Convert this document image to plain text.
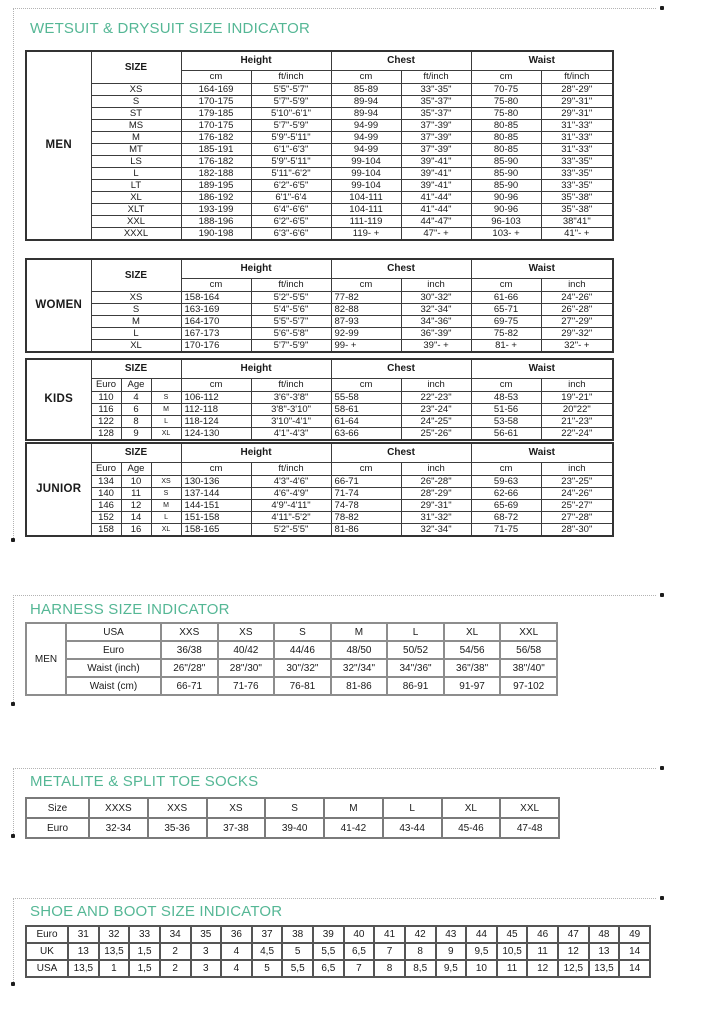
WETSUIT & DRYSUIT SIZE INDICATOR
MEN	SIZE	Height		Chest		Waist	
		cm	ft/inch	cm	ft/inch	cm	ft/inch
	XS	164-169	5'5"-5'7"	85-89	33"-35"	70-75	28"-29"
	S	170-175	5'7"-5'9"	89-94	35"-37"	75-80	29"-31"
	ST	179-185	5'10"-6'1"	89-94	35"-37"	75-80	29"-31"
	MS	170-175	5'7"-5'9"	94-99	37"-39"	80-85	31"-33"
	M	176-182	5'9"-5'11"	94-99	37"-39"	80-85	31"-33"
	MT	185-191	6'1"-6'3"	94-99	37"-39"	80-85	31"-33"
	LS	176-182	5'9"-5'11"	99-104	39"-41"	85-90	33"-35"
	L	182-188	5'11"-6'2"	99-104	39"-41"	85-90	33"-35"
	LT	189-195	6'2"-6'5"	99-104	39"-41"	85-90	33"-35"
	XL	186-192	6'1"-6'4	104-111	41"-44"	90-96	35"-38"
	XLT	193-199	6'4"-6'6"	104-111	41"-44"	90-96	35"-38"
	XXL	188-196	6'2"-6'5"	111-119	44"-47"	96-103	38"41"
	XXXL	190-198	6'3"-6'6"	119- +	47"- +	103- +	41"- +
WOMEN	SIZE	Height		Chest		Waist	
		cm	ft/inch	cm	inch	cm	inch
	XS	158-164	5'2"-5'5"	77-82	30"-32"	61-66	24"-26"
	S	163-169	5'4"-5'6"	82-88	32"-34"	65-71	26"-28"
	M	164-170	5'5"-5'7"	87-93	34"-36"	69-75	27"-29"
	L	167-173	5'6"-5'8"	92-99	36"-39"	75-82	29"-32"
	XL	170-176	5'7"-5'9"	99- +	39"- +	81- +	32"- +
KIDS	SIZE			Height		Chest		Waist	
	Euro	Age		cm	ft/inch	cm	inch	cm	inch
	110	4	S	106-112	3'6"-3'8"	55-58	22"-23"	48-53	19"-21"
	116	6	M	112-118	3'8"-3'10"	58-61	23"-24"	51-56	20"22"
	122	8	L	118-124	3'10"-4'1"	61-64	24"-25"	53-58	21"-23"
	128	9	XL	124-130	4'1"-4'3"	63-66	25"-26"	56-61	22"-24"
JUNIOR	SIZE			Height		Chest		Waist	
	Euro	Age		cm	ft/inch	cm	inch	cm	inch
	134	10	XS	130-136	4'3"-4'6"	66-71	26"-28"	59-63	23"-25"
	140	11	S	137-144	4'6"-4'9"	71-74	28"-29"	62-66	24"-26"
	146	12	M	144-151	4'9"-4'11"	74-78	29"-31"	65-69	25"-27"
	152	14	L	151-158	4'11"-5'2"	78-82	31"-32"	68-72	27"-28"
	158	16	XL	158-165	5'2"-5'5"	81-86	32"-34"	71-75	28"-30"
HARNESS SIZE INDICATOR
MEN	USA	XXS	XS	S	M	L	XL	XXL
	Euro	36/38	40/42	44/46	48/50	50/52	54/56	56/58
	Waist (inch)	26"/28"	28"/30"	30"/32"	32"/34"	34"/36"	36"/38"	38"/40"
	Waist (cm)	66-71	71-76	76-81	81-86	86-91	91-97	97-102
METALITE & SPLIT TOE SOCKS
Size	XXXS	XXS	XS	S	M	L	XL	XXL
Euro	32-34	35-36	37-38	39-40	41-42	43-44	45-46	47-48
SHOE AND BOOT SIZE INDICATOR
Euro	31	32	33	34	35	36	37	38	39	40	41	42	43	44	45	46	47	48	49
UK	13	13,5	1,5	2	3	4	4,5	5	5,5	6,5	7	8	9	9,5	10,5	11	12	13	14
USA	13,5	1	1,5	2	3	4	5	5,5	6,5	7	8	8,5	9,5	10	11	12	12,5	13,5	14
